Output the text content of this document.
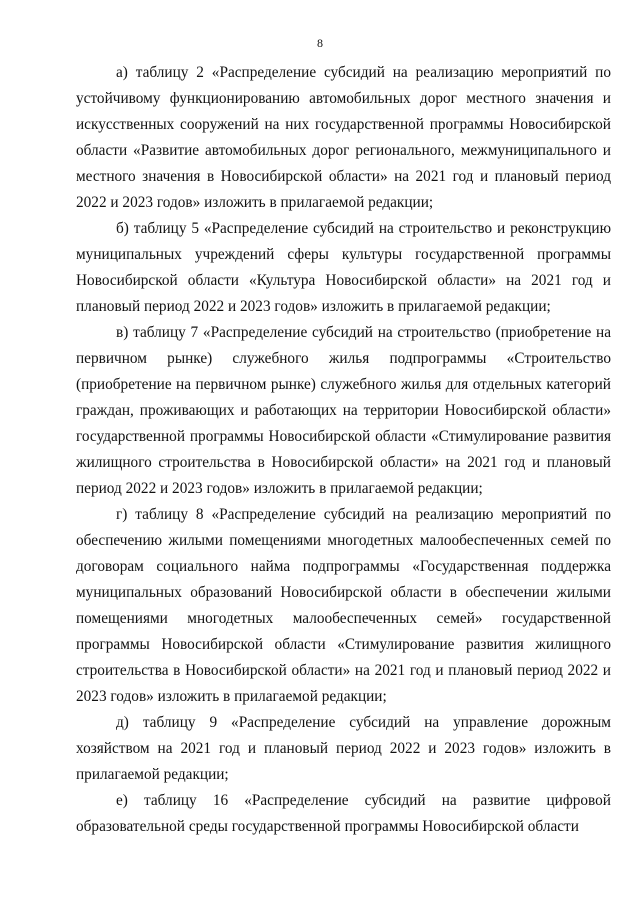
8

а) таблицу 2 «Распределение субсидий на реализацию мероприятий по устойчивому функционированию автомобильных дорог местного значения и искусственных сооружений на них государственной программы Новосибирской области «Развитие автомобильных дорог регионального, межмуниципального и местного значения в Новосибирской области» на 2021 год и плановый период 2022 и 2023 годов» изложить в прилагаемой редакции;

б) таблицу 5 «Распределение субсидий на строительство и реконструкцию муниципальных учреждений сферы культуры государственной программы Новосибирской области «Культура Новосибирской области» на 2021 год и плановый период 2022 и 2023 годов» изложить в прилагаемой редакции;

в) таблицу 7 «Распределение субсидий на строительство (приобретение на первичном рынке) служебного жилья подпрограммы «Строительство (приобретение на первичном рынке) служебного жилья для отдельных категорий граждан, проживающих и работающих на территории Новосибирской области» государственной программы Новосибирской области «Стимулирование развития жилищного строительства в Новосибирской области» на 2021 год и плановый период 2022 и 2023 годов» изложить в прилагаемой редакции;

г) таблицу 8 «Распределение субсидий на реализацию мероприятий по обеспечению жилыми помещениями многодетных малообеспеченных семей по договорам социального найма подпрограммы «Государственная поддержка муниципальных образований Новосибирской области в обеспечении жилыми помещениями многодетных малообеспеченных семей» государственной программы Новосибирской области «Стимулирование развития жилищного строительства в Новосибирской области» на 2021 год и плановый период 2022 и 2023 годов» изложить в прилагаемой редакции;

д) таблицу 9 «Распределение субсидий на управление дорожным хозяйством на 2021 год и плановый период 2022 и 2023 годов» изложить в прилагаемой редакции;

е) таблицу 16 «Распределение субсидий на развитие цифровой образовательной среды государственной программы Новосибирской области
